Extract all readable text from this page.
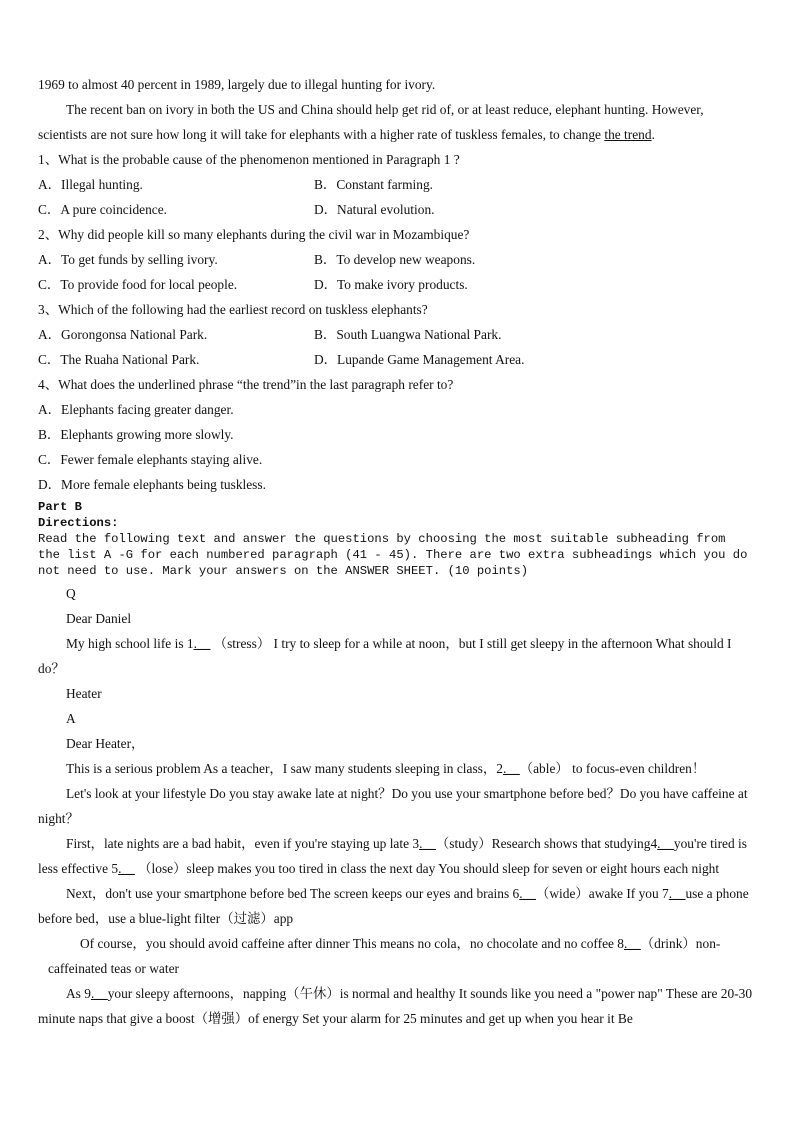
1969 to almost 40 percent in 1989, largely due to illegal hunting for ivory.

The recent ban on ivory in both the US and China should help get rid of, or at least reduce, elephant hunting. However, scientists are not sure how long it will take for elephants with a higher rate of tuskless females, to change the trend.

1、What is the probable cause of the phenomenon mentioned in Paragraph 1 ?

A．Illegal hunting.	B．Constant farming.
C．A pure coincidence.	D．Natural evolution.

2、Why did people kill so many elephants during the civil war in Mozambique?

A．To get funds by selling ivory.	B．To develop new weapons.
C．To provide food for local people.	D．To make ivory products.

3、Which of the following had the earliest record on tuskless elephants?

A．Gorongonsa National Park.	B．South Luangwa National Park.
C．The Ruaha National Park.	D．Lupande Game Management Area.

4、What does the underlined phrase “the trend”in the last paragraph refer to?

A．Elephants facing greater danger.

B．Elephants growing more slowly.

C．Fewer female elephants staying alive.

D．More female elephants being tuskless.

Part B

Directions:

Read the following text and answer the questions by choosing the most suitable subheading from the list A -G for each numbered paragraph (41 - 45). There are two extra subheadings which you do not need to use. Mark your answers on the ANSWER SHEET. (10 points)

Q

Dear Daniel

My high school life is 1.__ （stress） I try to sleep for a while at noon，but I still get sleepy in the afternoon What should I do？

Heater

A

Dear Heater，

This is a serious problem As a teacher，I saw many students sleeping in class，2.__（able） to focus-even children！

Let's look at your lifestyle Do you stay awake late at night？Do you use your smartphone before bed？Do you have caffeine at night？

First，late nights are a bad habit，even if you're staying up late 3.__（study）Research shows that studying4.__you're tired is less effective 5.__ （lose）sleep makes you too tired in class the next day You should sleep for seven or eight hours each night

Next，don't use your smartphone before bed The screen keeps our eyes and brains 6.__（wide）awake If you 7.__use a phone before bed，use a blue-light filter（过滤）app

Of course，you should avoid caffeine after dinner This means no cola，no chocolate and no coffee 8.__（drink）non-caffeinated teas or water

As 9.__your sleepy afternoons，napping（午休）is normal and healthy It sounds like you need a "power nap" These are 20-30 minute naps that give a boost（增强）of energy Set your alarm for 25 minutes and get up when you hear it Be
